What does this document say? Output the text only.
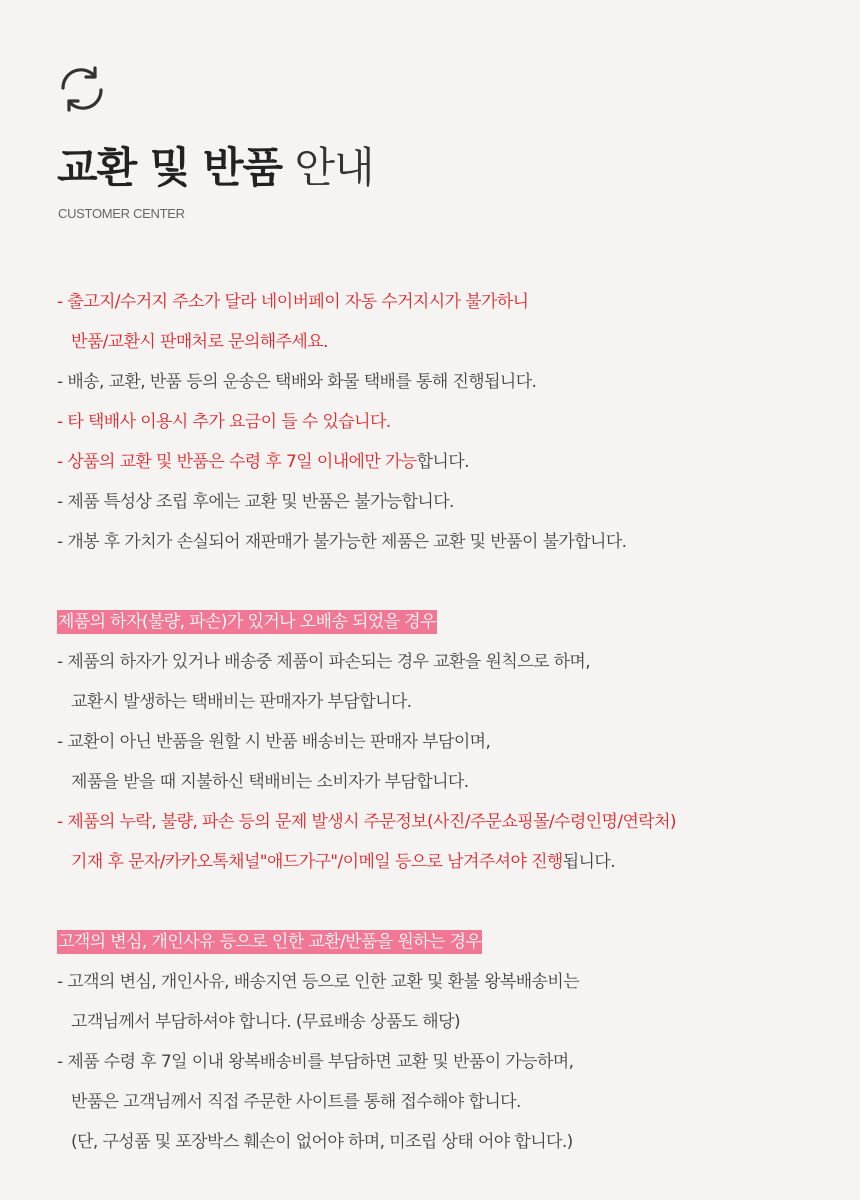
교환 및 반품 안내
CUSTOMER CENTER
- 출고지/수거지 주소가 달라 네이버페이 자동 수거지시가 불가하니
반품/교환시 판매처로 문의해주세요.
- 배송, 교환, 반품 등의 운송은 택배와 화물 택배를 통해 진행됩니다.
- 타 택배사 이용시 추가 요금이 들 수 있습니다.
- 상품의 교환 및 반품은 수령 후 7일 이내에만 가능합니다.
- 제품 특성상 조립 후에는 교환 및 반품은 불가능합니다.
- 개봉 후 가치가 손실되어 재판매가 불가능한 제품은 교환 및 반품이 불가합니다.
제품의 하자(불량, 파손)가 있거나 오배송 되었을 경우
- 제품의 하자가 있거나 배송중 제품이 파손되는 경우 교환을 원칙으로 하며,
교환시 발생하는 택배비는 판매자가 부담합니다.
- 교환이 아닌 반품을 원할 시 반품 배송비는 판매자 부담이며,
제품을 받을 때 지불하신 택배비는 소비자가 부담합니다.
- 제품의 누락, 불량, 파손 등의 문제 발생시 주문정보(사진/주문쇼핑몰/수령인명/연락처)
기재 후 문자/카카오톡채널"애드가구"/이메일 등으로 남겨주셔야 진행됩니다.
고객의 변심, 개인사유 등으로 인한 교환/반품을 원하는 경우
- 고객의 변심, 개인사유, 배송지연 등으로 인한 교환 및 환불 왕복배송비는
고객님께서 부담하셔야 합니다. (무료배송 상품도 해당)
- 제품 수령 후 7일 이내 왕복배송비를 부담하면 교환 및 반품이 가능하며,
반품은 고객님께서 직접 주문한 사이트를 통해 접수해야 합니다.
(단, 구성품 및 포장박스 훼손이 없어야 하며, 미조립 상태 어야 합니다.)
